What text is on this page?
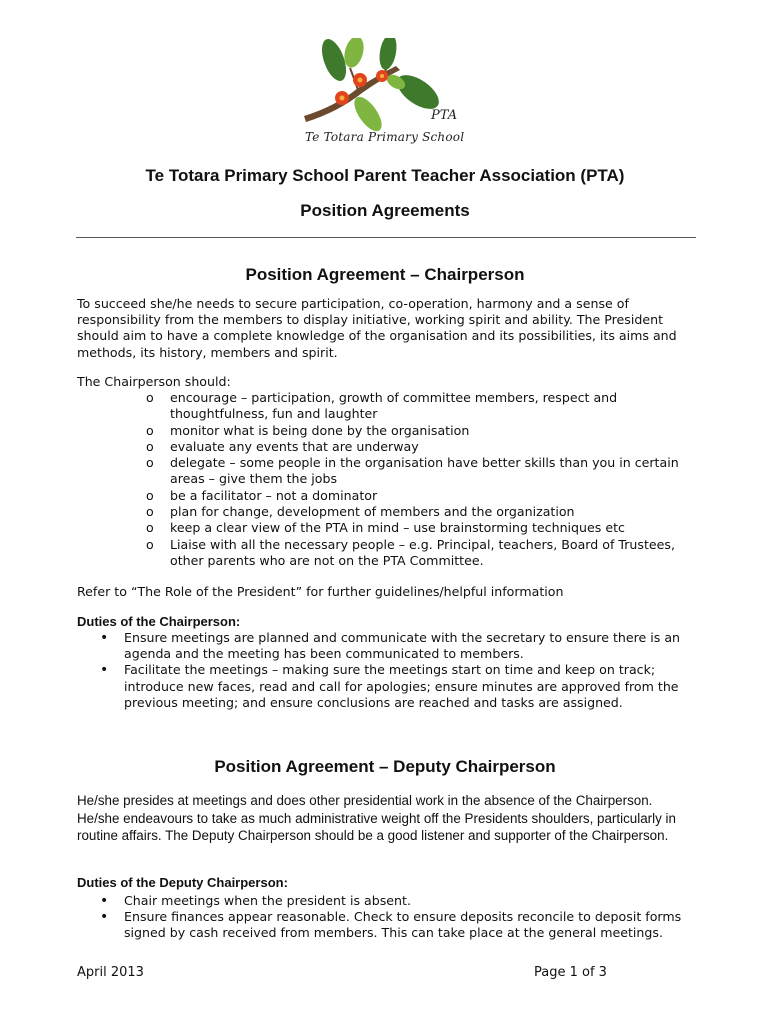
PTA
Te Totara Primary School
Te Totara Primary School Parent Teacher Association (PTA)
Position Agreements
Position Agreement – Chairperson

To succeed she/he needs to secure participation, co-operation, harmony and a sense of responsibility from the members to display initiative, working spirit and ability. The President should aim to have a complete knowledge of the organisation and its possibilities, its aims and methods, its history, members and spirit.

The Chairperson should:
o encourage – participation, growth of committee members, respect and thoughtfulness, fun and laughter
o monitor what is being done by the organisation
o evaluate any events that are underway
o delegate – some people in the organisation have better skills than you in certain areas – give them the jobs
o be a facilitator – not a dominator
o plan for change, development of members and the organization
o keep a clear view of the PTA in mind – use brainstorming techniques etc
o Liaise with all the necessary people – e.g. Principal, teachers, Board of Trustees, other parents who are not on the PTA Committee.
Refer to “The Role of the President” for further guidelines/helpful information
Duties of the Chairperson:
• Ensure meetings are planned and communicate with the secretary to ensure there is an agenda and the meeting has been communicated to members.
• Facilitate the meetings – making sure the meetings start on time and keep on track; introduce new faces, read and call for apologies; ensure minutes are approved from the previous meeting; and ensure conclusions are reached and tasks are assigned.
Position Agreement – Deputy Chairperson

He/she presides at meetings and does other presidential work in the absence of the Chairperson. He/she endeavours to take as much administrative weight off the Presidents shoulders, particularly in routine affairs. The Deputy Chairperson should be a good listener and supporter of the Chairperson.

Duties of the Deputy Chairperson:
• Chair meetings when the president is absent.
• Ensure finances appear reasonable. Check to ensure deposits reconcile to deposit forms signed by cash received from members. This can take place at the general meetings.
April 2013	Page 1 of 3
